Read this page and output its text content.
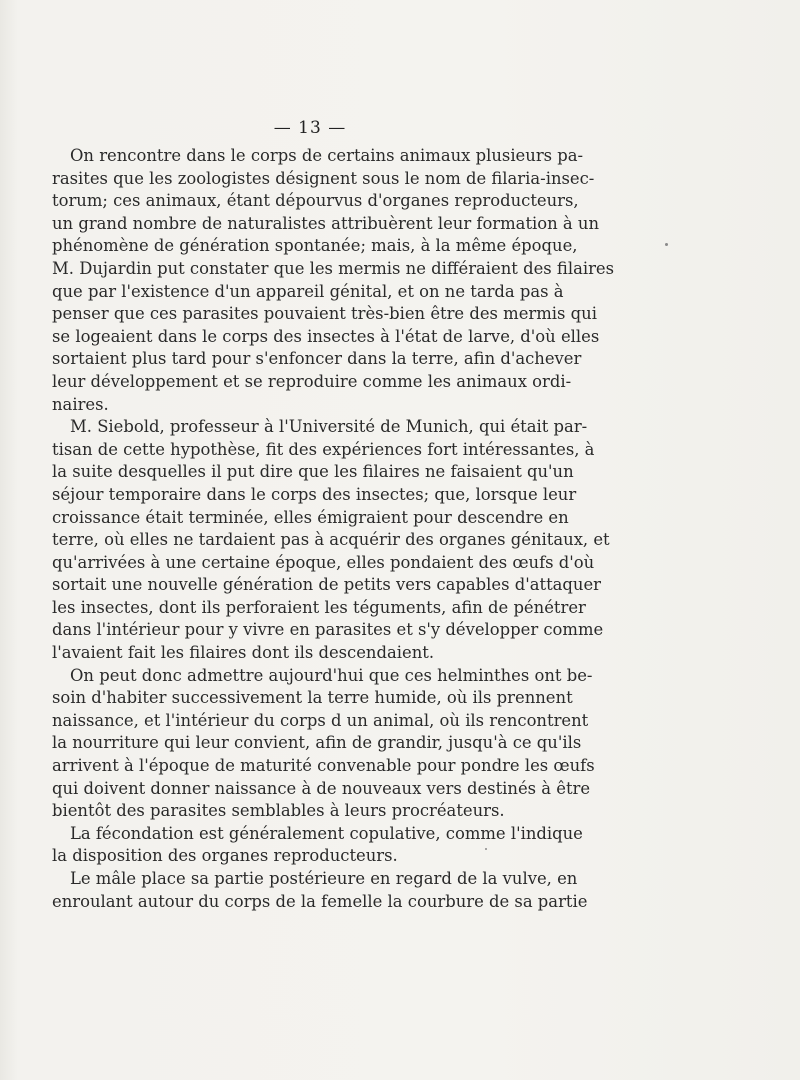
— 13 —
On rencontre dans le corps de certains animaux plusieurs pa-
rasites que les zoologistes désignent sous le nom de filaria-insec-
torum; ces animaux, étant dépourvus d'organes reproducteurs,
un grand nombre de naturalistes attribuèrent leur formation à un
phénomène de génération spontanée; mais, à la même époque,
M. Dujardin put constater que les mermis ne différaient des filaires
que par l'existence d'un appareil génital, et on ne tarda pas à
penser que ces parasites pouvaient très-bien être des mermis qui
se logeaient dans le corps des insectes à l'état de larve, d'où elles
sortaient plus tard pour s'enfoncer dans la terre, afin d'achever
leur développement et se reproduire comme les animaux ordi-
naires.
M. Siebold, professeur à l'Université de Munich, qui était par-
tisan de cette hypothèse, fit des expériences fort intéressantes, à
la suite desquelles il put dire que les filaires ne faisaient qu'un
séjour temporaire dans le corps des insectes; que, lorsque leur
croissance était terminée, elles émigraient pour descendre en
terre, où elles ne tardaient pas à acquérir des organes génitaux, et
qu'arrivées à une certaine époque, elles pondaient des œufs d'où
sortait une nouvelle génération de petits vers capables d'attaquer
les insectes, dont ils perforaient les téguments, afin de pénétrer
dans l'intérieur pour y vivre en parasites et s'y développer comme
l'avaient fait les filaires dont ils descendaient.
On peut donc admettre aujourd'hui que ces helminthes ont be-
soin d'habiter successivement la terre humide, où ils prennent
naissance, et l'intérieur du corps d un animal, où ils rencontrent
la nourriture qui leur convient, afin de grandir, jusqu'à ce qu'ils
arrivent à l'époque de maturité convenable pour pondre les œufs
qui doivent donner naissance à de nouveaux vers destinés à être
bientôt des parasites semblables à leurs procréateurs.
La fécondation est généralement copulative, comme l'indique
la disposition des organes reproducteurs.
Le mâle place sa partie postérieure en regard de la vulve, en
enroulant autour du corps de la femelle la courbure de sa partie
